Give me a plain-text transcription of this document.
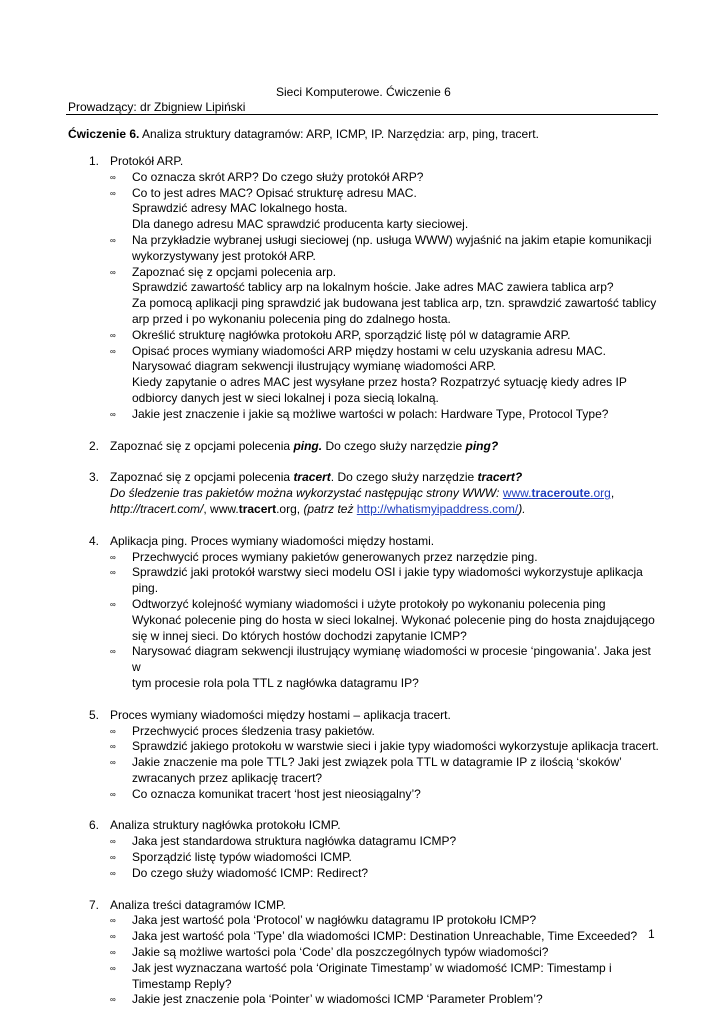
Sieci Komputerowe. Ćwiczenie 6
Prowadzący: dr Zbigniew Lipiński
Ćwiczenie 6. Analiza struktury datagramów: ARP, ICMP, IP. Narzędzia: arp, ping, tracert.
1. Protokół ARP.
∞ Co oznacza skrót ARP? Do czego służy protokół ARP?
∞ Co to jest adres MAC? Opisać strukturę adresu MAC.
Sprawdzić adresy MAC lokalnego hosta.
Dla danego adresu MAC sprawdzić producenta karty sieciowej.
∞ Na przykładzie wybranej usługi sieciowej (np. usługa WWW) wyjaśnić na jakim etapie komunikacji
wykorzystywany jest protokół ARP.
∞ Zapoznać się z opcjami polecenia arp.
Sprawdzić zawartość tablicy arp na lokalnym hoście. Jake adres MAC zawiera tablica arp?
Za pomocą aplikacji ping sprawdzić jak budowana jest tablica arp, tzn. sprawdzić zawartość tablicy
arp przed i po wykonaniu polecenia ping do zdalnego hosta.
∞ Określić strukturę nagłówka protokołu ARP, sporządzić listę pól w datagramie ARP.
∞ Opisać proces wymiany wiadomości ARP między hostami w celu uzyskania adresu MAC.
Narysować diagram sekwencji ilustrujący wymianę wiadomości ARP.
Kiedy zapytanie o adres MAC jest wysyłane przez hosta? Rozpatrzyć sytuację kiedy adres IP
odbiorcy danych jest w sieci lokalnej i poza siecią lokalną.
∞ Jakie jest znaczenie i jakie są możliwe wartości w polach: Hardware Type, Protocol Type?
2. Zapoznać się z opcjami polecenia ping. Do czego służy narzędzie ping?
3. Zapoznać się z opcjami polecenia tracert. Do czego służy narzędzie tracert?
Do śledzenie tras pakietów można wykorzystać następując strony WWW: www.traceroute.org,
http://tracert.com/, www.tracert.org, (patrz też http://whatismyipaddress.com/).
4. Aplikacja ping. Proces wymiany wiadomości między hostami.
∞ Przechwycić proces wymiany pakietów generowanych przez narzędzie ping.
∞ Sprawdzić jaki protokół warstwy sieci modelu OSI i jakie typy wiadomości wykorzystuje aplikacja
ping.
∞ Odtworzyć kolejność wymiany wiadomości i użyte protokoły po wykonaniu polecenia ping
Wykonać polecenie ping do hosta w sieci lokalnej. Wykonać polecenie ping do hosta znajdującego
się w innej sieci. Do których hostów dochodzi zapytanie ICMP?
∞ Narysować diagram sekwencji ilustrujący wymianę wiadomości w procesie ‘pingowania’. Jaka jest w
tym procesie rola pola TTL z nagłówka datagramu IP?
5. Proces wymiany wiadomości między hostami – aplikacja tracert.
∞ Przechwycić proces śledzenia trasy pakietów.
∞ Sprawdzić jakiego protokołu w warstwie sieci i jakie typy wiadomości wykorzystuje aplikacja tracert.
∞ Jakie znaczenie ma pole TTL? Jaki jest związek pola TTL w datagramie IP z ilością ‘skoków’
zwracanych przez aplikację tracert?
∞ Co oznacza komunikat tracert ‘host jest nieosiągalny’?
6. Analiza struktury nagłówka protokołu ICMP.
∞ Jaka jest standardowa struktura nagłówka datagramu ICMP?
∞ Sporządzić listę typów wiadomości ICMP.
∞ Do czego służy wiadomość ICMP: Redirect?
7. Analiza treści datagramów ICMP.
∞ Jaka jest wartość pola ‘Protocol’ w nagłówku datagramu IP protokołu ICMP?
∞ Jaka jest wartość pola ‘Type’ dla wiadomości ICMP: Destination Unreachable, Time Exceeded?
∞ Jakie są możliwe wartości pola ‘Code’ dla poszczególnych typów wiadomości?
∞ Jak jest wyznaczana wartość pola ‘Originate Timestamp’ w wiadomość ICMP: Timestamp i
Timestamp Reply?
∞ Jakie jest znaczenie pola ‘Pointer’ w wiadomości ICMP ‘Parameter Problem’?
1
